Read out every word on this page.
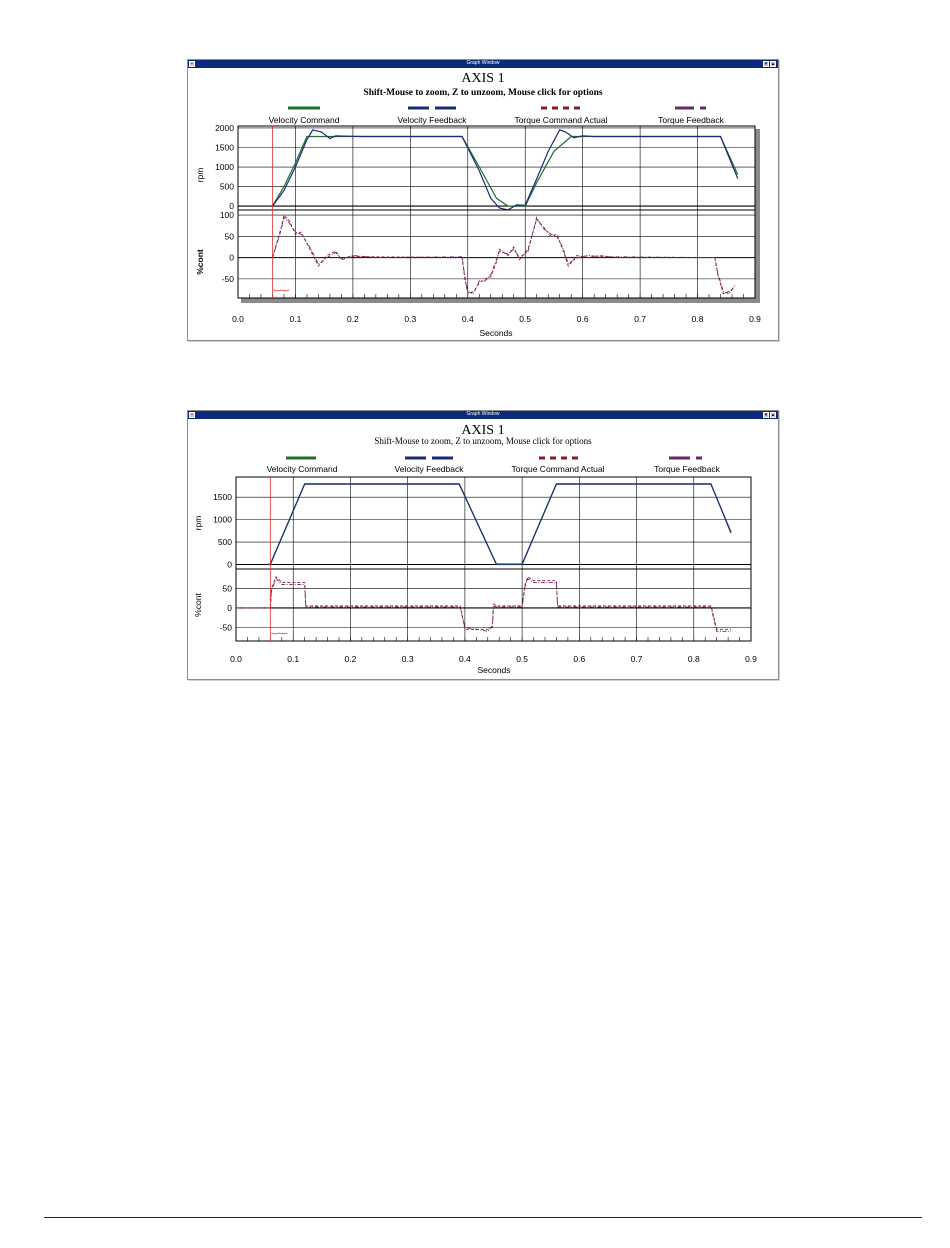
Graph Window
−	▾ ▴
AXIS 1
Shift-Mouse to zoom, Z to unzoom, Mouse click for options
Velocity Command	Velocity Feedback	Torque Command Actual	Torque Feedback
Seconds
rpm
%cont
0.0	0.1	0.2	0.3	0.4	0.5	0.6	0.7	0.8	0.9
2000
1500
1000
500
0
100
50
0
-50
Graph Window
−	▾ ▴
AXIS 1
Shift-Mouse to zoom, Z to unzoom, Mouse click for options
Velocity Command	Velocity Feedback	Torque Command Actual	Torque Feedback
Seconds
rpm
%cont
0.0	0.1	0.2	0.3	0.4	0.5	0.6	0.7	0.8	0.9
1500
1000
500
0
50
0
-50
